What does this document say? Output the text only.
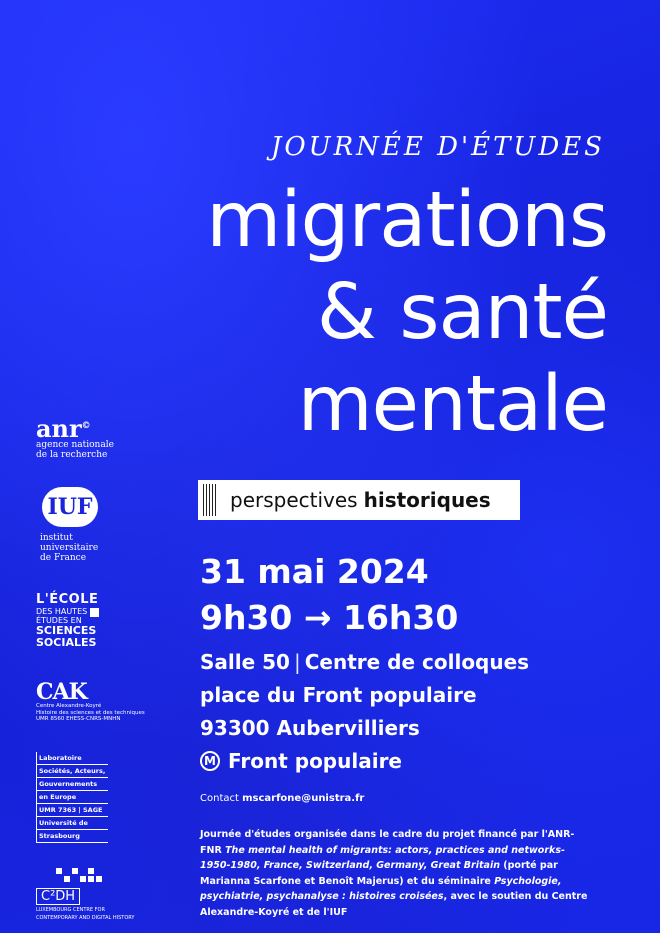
JOURNÉE D'ÉTUDES
migrations
& santé
mentale
perspectives historiques
31 mai 2024
9h30 → 16h30
Salle 50 | Centre de colloques
place du Front populaire
93300 Aubervilliers
M Front populaire
Contact mscarfone@unistra.fr
Journée d'études organisée dans le cadre du projet financé par l'ANR-FNR The mental health of migrants: actors, practices and networks-1950-1980, France, Switzerland, Germany, Great Britain (porté par Marianna Scarfone et Benoît Majerus) et du séminaire Psychologie, psychiatrie, psychanalyse : histoires croisées, avec le soutien du Centre Alexandre-Koyré et de l'IUF
anr©
agence nationale
de la recherche
IUF
institut
universitaire
de France
L'ÉCOLE
DES HAUTES
ÉTUDES EN
SCIENCES
SOCIALES
CAK
Centre Alexandre-Koyré
Histoire des sciences et des techniques
UMR 8560 EHESS-CNRS-MNHN
Laboratoire
Sociétés, Acteurs,
Gouvernements
en Europe
UMR 7363 | SAGE
Université de
Strasbourg
C²DH
LUXEMBOURG CENTRE FOR
CONTEMPORARY AND DIGITAL HISTORY
